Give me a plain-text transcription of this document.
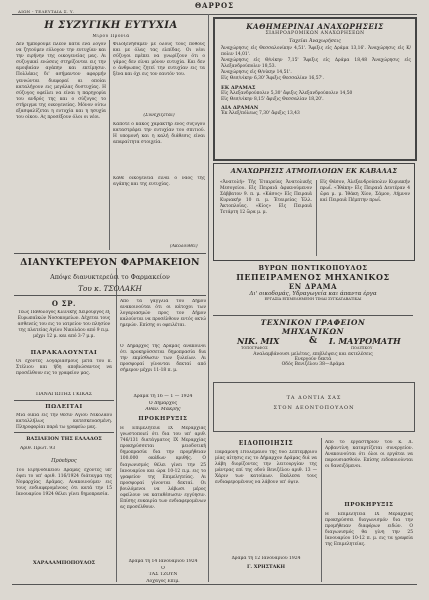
ΘΑΡΡΟΣ
ΑΙΩΝ - ΤΕΛΕΥΤΑΙΑ Σ. Υ.
Η ΣΥΖΥΓΙΚΗ ΕΥΤΥΧΙΑ
Μίρου Πρόνια
Δεν ήμπορούμε πλέον κατά ένα λόγον να ζητούμεν εύλογον την ευτυχίαν και την ειρήνην της οικογενείας μας. Αι συζυγικαί ενώσεις στηρίζονται εις την αμοιβαίαν αγάπην και εκτίμησιν. Πολλάκις δι' ασήμαντον αφορμήν γεννώνται διαφοραί αι οποίαι καταλήγουν εις μεγάλας δυστυχίας. Η σύζυγος οφείλει να είναι η παρηγορία του ανδρός της και ο σύζυγος το στήριγμα της οικογενείας. Μόνον ούτω εξασφαλίζεται η ευτυχία και η ησυχία του οίκου. Ας προσέξουν όλοι οι νέοι.
Φιλοξενήσαμεν με όλους τους πόθους και με όλας τας ελπίδας. Οι νέοι σύζυγοι πρέπει να γνωρίζουν ότι ο γάμος δεν είναι μόνον ευτυχία. Και δεν ο άνθρωπος ζητεί την ευτυχίαν εις τα ξένα και όχι εις τον εαυτόν του.
(Συνεχίζεται)
Κάποτε ο κακός χαρακτήρ ενός συζύγου καταστρέφει την ευτυχίαν του σπιτιού. Η υπομονή και η καλή διάθεσις είναι απαραίτητα στοιχεία.
Κάθε οικογένεια είναι ο ναός της αγάπης και της ευτυχίας.
(Ακολουθεί)
ΔΙΑΝΥΚΤΕΡΕΥΟΝ ΦΑΡΜΑΚΕΙΟΝ
Απόψε διανυκτερεύει το Φαρμακείον
Του κ. ΤΣΟΛΑΚΗ
Ο ΣΡ.
Τέως Παθολόγος Κλινικής Χειρουργός εξ Ευρωπαϊκών Νοσοκομείων. Δέχεται τους ασθενείς του εις το ιατρείον του πλησίον της πλατείας Αγίου Νικολάου από 9 π.μ. μέχρι 12 μ. και από 3-7 μ.μ.
ΠΑΡΑΚΑΛΟΥΝΤΑΙ
Οι έχοντες λογαριασμούς μετά του κ. Στέλιου και ήδη αποβιώσαντος να προσέλθουν εις το γραφείον μας.
ΠΑΝΑΓΙΩΤΗΣ ΓΚΙΚΑΣ
ΠΩΛΕΙΤΑΙ
Μία οικία εις την θέσιν Αγίου Νικολάου καταλλήλως κατεσκευασμένη. Πληροφορίαι παρά τω γραφείω μας.
ΒΑΣΙΛΕΙΟΝ ΤΗΣ ΕΛΛΑΔΟΣ
Αριθ. Πρωτ. 93
Πρόεδρος
Του Ειρηνοδικείου Δράμας έχοντες υπ' όψει το υπ' αριθ. 116/1924 διάταγμα της Νομαρχίας Δράμας. Ανακοινούμεν εις τους ενδιαφερομένους ότι κατά την 15 Ιανουαρίου 1924 θέλει γίνει δημοπρασία.
ΧΑΡΑΛΑΜΠΟΠΟΥΛΟΣ
Από τα γάγγλια του Δήμου ανακοινούται ότι οι κάτοχοι των λογαριασμών προς τον Δήμον καλούνται να προσέλθουν εντός οκτώ ημερών. Επίσης οι οφειλέται.
Ο Δήμαρχος της Δράμας ανακοινοί ότι προκηρύσσεται δημοπρασία δια την εκμίσθωσιν των ξυλείων. Αι προσφοραί γίνονται δεκταί από σήμερον μέχρι 11-18 π. μ.
Δράμα τη 16 — 1 — 1924
Ο Δήμαρχος
Αθαν. Μακρής
ΠΡΟΚΗΡΥΞΙΣ
Η Επιμελητεία IX Μεραρχίας γνωστοποιεί ότι δια του υπ' αριθ. 746/131 διατάγματος ΙΧ Μεραρχίας προκηρύσσεται μειοδοτική δημοπρασία δια την προμήθειαν 100.000 οκάδων κριθής. Ο διαγωνισμός θέλει γίνει την 25 Ιανουαρίου και ώρα 10-12 π.μ. εις το γραφείον της Επιμελητείας. Αι προσφοραί γίνονται δεκταί. Οι βουλόμενοι να λάβωσι μέρος οφείλουν να καταθέσωσιν εγγύησιν. Επίσης ευκαιρία των ενδιαφερομένων ας προσέλθουν.
Δράμα τη 14 Ιανουαρίου 1924
Ο
ΤΑΣ ΤΖΟΥΝ
Λοχαγός Επιμ.
ΚΑΘΗΜΕΡΙΝΑΙ ΑΝΑΧΩΡΗΣΕΙΣ
ΣΙΔΗΡΟΔΡΟΜΙΚΩΝ ΑΝΑΧΩΡΗΣΕΩΝ
Ταχεῖαι Ἀναχωρήσεις
Ἀναχώρησις εἰς Θεσσαλονίκην 4,51'. Ἄφιξις εἰς Δράμα 13,16'. Ἀναχώρησις εἰς Κ/πολιν 14,01'.
Ἀναχώρησις εἰς Θ/νίκην 7,15' Ἄφιξις εἰς Δράμα 18,48 Ἀναχώρησις εἰς Ἀλεξανδρούπολιν 18,53.
Ἀναχώρησις εἰς Θ/νίκην 14,51'.
Εἰς Θεσ/νίκην 6,30' Ἄφιξις Θεσσαλίαν 16,57'.
ΕΚ ΔΡΑΜΑΣ
Εἰς Ἀλεξανδρούπολιν 5,30' ἄφιξις Ἀλεξανδρούπολιν 14,50
Εἰς Θεσ/νίκην 8,15' ἄφιξις Θεσσαλίαν 18,20'.
ΔΙΑ ΔΡΑΜΑΝ
Ἐκ Ἀλεξ/πόλεως 7,30' ἄφιξις 13,43
ΑΝΑΧΩΡΗΣΙΣ ΑΤΜΟΠΛΟΙΩΝ ΕΚ ΚΑΒΑΛΑΣ
«Ἀνατολή» Τῆς Ἑταιρείας Ἀνατολικῆς Μεσογείου. Εἰς Πειραιᾶ ἀφικνούμενον Σάββατον 9. π. μ. «Κάσος» Εἰς Πειραιᾶ Κυριακήν 10 π. μ. Ἑταιρείας Ἑλλ. Ἀκτοπλοΐας. «Κίος» Εἰς Πειραιᾶ Τετάρτη 12 ὥρα μ. μ.
Εἰς Θάσον, Ἀλεξανδρούπολιν Κυριακήν πρωΐ. «Ἰθάκη» Εἰς Πειραιᾶ Δευτέραν 4 ὥρα μ. μ. Ἰθάκη Χίον, Σάμον, Λήμνον καί Πειραιᾶ Πέμπτην πρωΐ.
ΒΥΡΩΝ ΠΟΝΤΙΚΟΠΟΥΛΟΣ
ΠΕΠΕΙΡΑΜΕΝΟΣ ΜΗΧΑΝΙΚΟΣ
ΕΝ ΔΡΑΜΑ
Δι' οικοδομάς, Υδραγωγεία και άπαντα έργα
ΕΡΓΑΣΙΑ ΕΠΙΜΕΛΗΜΕΝΗ ΤΙΜΑΙ ΣΥΓΚΑΤΑΒΑΤΙΚΑΙ
ΤΕΧΝΙΚΟΝ ΓΡΑΦΕΙΟΝ
ΜΗΧΑΝΙΚΩΝ
ΝΙΚ. ΜΙΧ
ΤΟΠΟΓΡΑΦΟΣ
& Ι. ΜΑΥΡΟΜΑΤΗ
ΠΟΛΙΤΙΚΟΥ
Αναλαμβάνουσι μελέτας, επιβλέψεις και εκτελέσεις
Ενεργούν δεκτά
Οδός Βενιζέλου 38—Δράμα
ΤΑ ΔΟΝΤΙΑ ΣΑΣ
ΣΤΟΝ ΔΕΟΝΤΟΠΟΥΛΟΝ
ΕΙΔΟΠΟΙΗΣΙΣ
Παραμονή Πτολεμαίου της δύο Σεπτεμβρίου μίας αίτησις εις το Δήμαρχον Δράμας διά να λάβη διορίζοντες την λειτουργίαν της μάντρας επί της οδού Βενιζέλου αριθ. 13 — Χάριν των κατοίκων. Εκάλεσα τους ενδιαφερομένους να λάβουν υπ' όψιν.
Δράμα τη 12 Ιανουαρίου 1924
Γ. ΧΡΗΣΤΑΚΗ
Από το εργαστήριον του κ. Δ. Αρβαντίνη καταρτίζεται συνεργείον. Ανακοινούται ότι όλοι οι εργάται να παρουσιασθούν. Επίσης ειδοποιούνται οι δανειζόμενοι.
ΠΡΟΚΗΡΥΞΙΣ
Η Επιμελητεία IX Μεραρχίας προκηρύσσει διαγωνισμόν δια την προμήθειαν διαφόρων ειδών. Ο διαγωνισμός θα γίνη την 25 Ιανουαρίου 10-12 π. μ. εις τα γραφεία της Επιμελητείας.
